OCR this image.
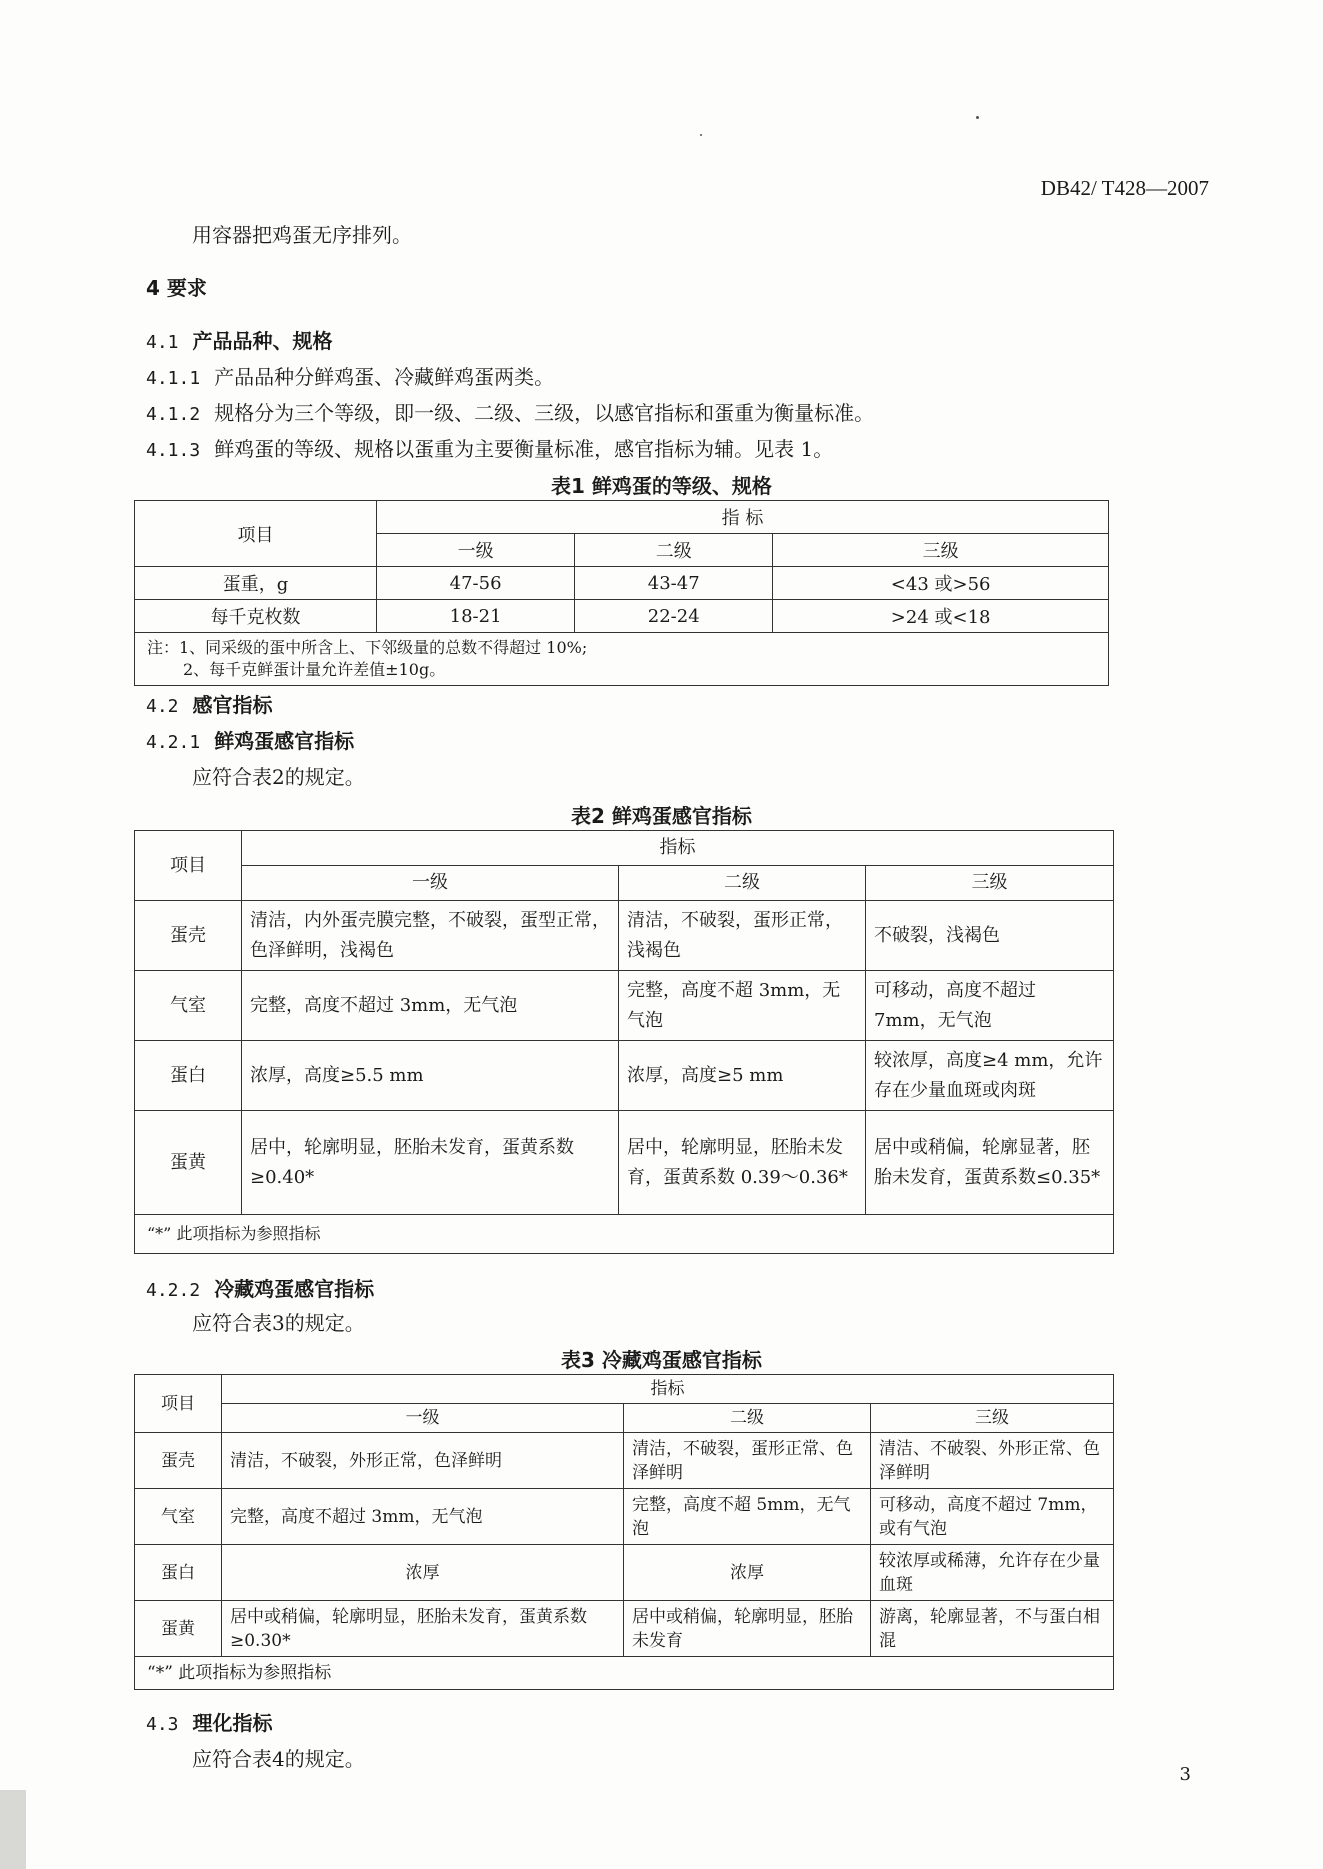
DB42/ T428—2007
用容器把鸡蛋无序排列。
4 要求
4.1 产品品种、规格
4.1.1 产品品种分鲜鸡蛋、冷藏鲜鸡蛋两类。
4.1.2 规格分为三个等级，即一级、二级、三级，以感官指标和蛋重为衡量标准。
4.1.3 鲜鸡蛋的等级、规格以蛋重为主要衡量标准，感官指标为辅。见表 1。
表1 鲜鸡蛋的等级、规格
项目	指 标		
	一级	二级	三级
蛋重，g	47-56	43-47	<43 或>56
每千克枚数	18-21	22-24	>24 或<18

注：1、同采级的蛋中所含上、下邻级量的总数不得超过 10%;
2、每千克鲜蛋计量允许差值±10g。			
4.2 感官指标
4.2.1 鲜鸡蛋感官指标
应符合表2的规定。
表2 鲜鸡蛋感官指标
项目	指标		
	一级	二级	三级
蛋壳	清洁，内外蛋壳膜完整，不破裂，蛋型正常，色泽鲜明，浅褐色	清洁，不破裂，蛋形正常，浅褐色	不破裂，浅褐色
气室	完整，高度不超过 3mm，无气泡	完整，高度不超 3mm，无气泡	可移动，高度不超过 7mm，无气泡
蛋白	浓厚，高度≥5.5 mm	浓厚，高度≥5 mm	较浓厚，高度≥4 mm，允许存在少量血斑或肉斑
蛋黄	居中，轮廓明显，胚胎未发育，蛋黄系数≥0.40*	居中，轮廓明显，胚胎未发育，蛋黄系数 0.39～0.36*	居中或稍偏，轮廓显著，胚胎未发育，蛋黄系数≤0.35*
“*” 此项指标为参照指标			
4.2.2 冷藏鸡蛋感官指标
应符合表3的规定。
表3 冷藏鸡蛋感官指标
项目	指标		
	一级	二级	三级
蛋壳	清洁，不破裂，外形正常，色泽鲜明	清洁，不破裂，蛋形正常、色泽鲜明	清洁、不破裂、外形正常、色泽鲜明
气室	完整，高度不超过 3mm，无气泡	完整，高度不超 5mm，无气泡	可移动，高度不超过 7mm，或有气泡
蛋白	浓厚	浓厚	较浓厚或稀薄，允许存在少量血斑
蛋黄	居中或稍偏，轮廓明显，胚胎未发育，蛋黄系数≥0.30*	居中或稍偏，轮廓明显，胚胎未发育	游离，轮廓显著，不与蛋白相混
“*” 此项指标为参照指标			
4.3 理化指标
应符合表4的规定。
3
